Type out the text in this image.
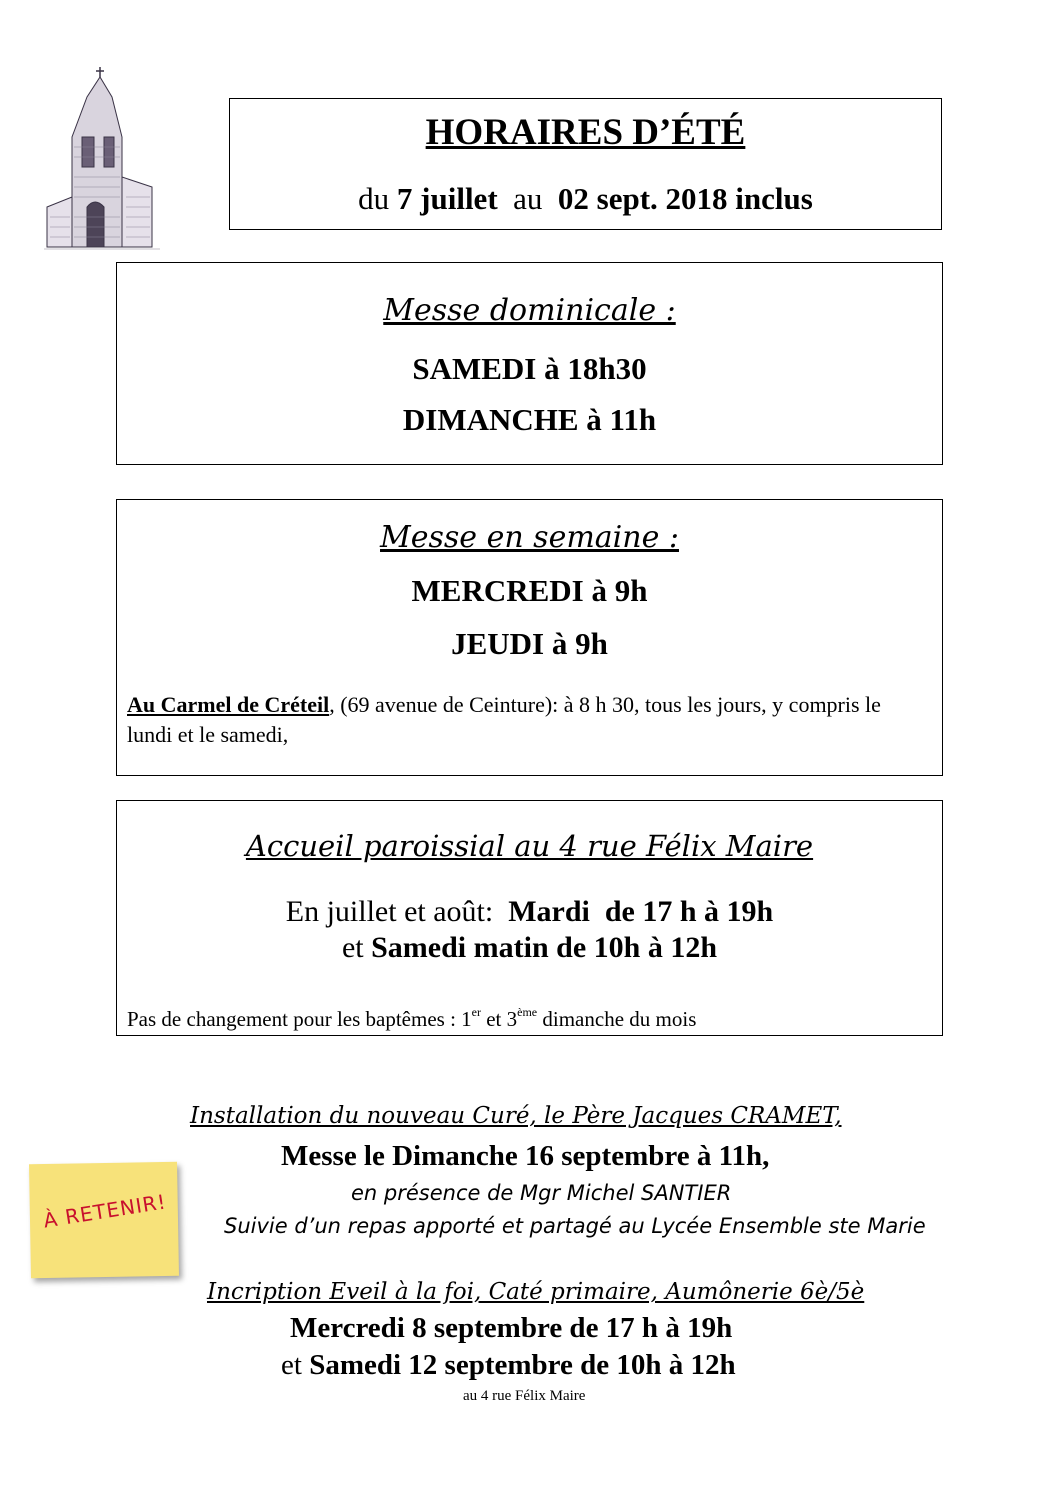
HORAIRES D’ÉTÉ
du 7 juillet  au  02 sept. 2018 inclus
Messe dominicale :
SAMEDI à 18h30
DIMANCHE à 11h
Messe en semaine :
MERCREDI à 9h
JEUDI à 9h
Au Carmel de Créteil, (69 avenue de Ceinture): à 8 h 30, tous les jours, y compris le lundi et le samedi,
Accueil paroissial au 4 rue Félix Maire
En juillet et août:  Mardi  de 17 h à 19h
et Samedi matin de 10h à 12h
Pas de changement pour les baptêmes : 1er et 3ème dimanche du mois
Installation du nouveau Curé, le Père Jacques CRAMET,
Messe le Dimanche 16 septembre à 11h,
en présence de Mgr Michel SANTIER
Suivie d’un repas apporté et partagé au Lycée Ensemble ste Marie
À RETENIR!
Incription Eveil à la foi, Caté primaire, Aumônerie 6è/5è
Mercredi 8 septembre de 17 h à 19h
et Samedi 12 septembre de 10h à 12h
au 4 rue Félix Maire
